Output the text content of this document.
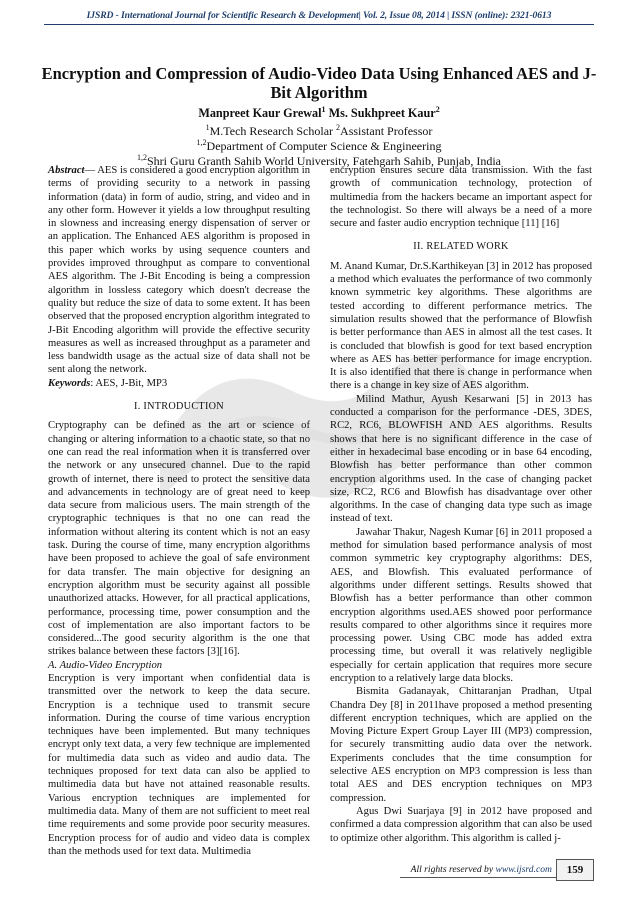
IJSRD - International Journal for Scientific Research & Development| Vol. 2, Issue 08, 2014 | ISSN (online): 2321-0613
Encryption and Compression of Audio-Video Data Using Enhanced AES and J-Bit Algorithm
Manpreet Kaur Grewal$^1$ Ms. Sukhpreet Kaur$^2$
$^1$M.Tech Research Scholar $^2$Assistant Professor
$^{1,2}$Department of Computer Science & Engineering
$^{1,2}$Shri Guru Granth Sahib World University, Fatehgarh Sahib, Punjab, India

Abstract— AES is considered a good encryption algorithm in terms of providing security to a network in passing information (data) in form of audio, string, and video and in any other form. However it yields a low throughput resulting in slowness and increasing energy dispensation of server or an application. The Enhanced AES algorithm is proposed in this paper which works by using sequence counters and provides improved throughput as compare to conventional AES algorithm. The J-Bit Encoding is being a compression algorithm in lossless category which doesn't decrease the quality but reduce the size of data to some extent. It has been observed that the proposed encryption algorithm integrated to J-Bit Encoding algorithm will provide the effective security measures as well as increased throughput as a parameter and less bandwidth usage as the actual size of data shall not be sent along the network.

Keywords: AES, J-Bit, MP3

I. INTRODUCTION

Cryptography can be defined as the art or science of changing or altering information to a chaotic state, so that no one can read the real information when it is transferred over the network or any unsecured channel. Due to the rapid growth of internet, there is need to protect the sensitive data and advancements in technology are of great need to keep data secure from malicious users. The main strength of the cryptographic techniques is that no one can read the information without altering its content which is not an easy task. During the course of time, many encryption algorithms have been proposed to achieve the goal of safe environment for data transfer. The main objective for designing an encryption algorithm must be security against all possible unauthorized attacks. However, for all practical applications, performance, processing time, power consumption and the cost of implementation are also important factors to be considered...The good security algorithm is the one that strikes balance between these factors [3][16].

A. Audio-Video Encryption

Encryption is very important when confidential data is transmitted over the network to keep the data secure. Encryption is a technique used to transmit secure information. During the course of time various encryption techniques have been implemented. But many techniques encrypt only text data, a very few technique are implemented for multimedia data such as video and audio data. The techniques proposed for text data can also be applied to multimedia data but have not attained reasonable results. Various encryption techniques are implemented for multimedia data. Many of them are not sufficient to meet real time requirements and some provide poor security measures. Encryption process for of audio and video data is complex than the methods used for text data. Multimedia

encryption ensures secure data transmission. With the fast growth of communication technology, protection of multimedia from the hackers became an important aspect for the technologist. So there will always be a need of a more secure and faster audio encryption technique [11] [16]

II. RELATED WORK

M. Anand Kumar, Dr.S.Karthikeyan [3] in 2012 has proposed a method which evaluates the performance of two commonly known symmetric key algorithms. These algorithms are tested according to different performance metrics. The simulation results showed that the performance of Blowfish is better performance than AES in almost all the test cases. It is concluded that blowfish is good for text based encryption where as AES has better performance for image encryption. It is also identified that there is change in performance when there is a change in key size of AES algorithm.

Milind Mathur, Ayush Kesarwani [5] in 2013 has conducted a comparison for the performance -DES, 3DES, RC2, RC6, BLOWFISH AND AES algorithms. Results shows that here is no significant difference in the case of either in hexadecimal base encoding or in base 64 encoding, Blowfish has better performance than other common encryption algorithms used. In the case of changing packet size, RC2, RC6 and Blowfish has disadvantage over other algorithms. In the case of changing data type such as image instead of text.

Jawahar Thakur, Nagesh Kumar [6] in 2011 proposed a method for simulation based performance analysis of most common symmetric key cryptography algorithms: DES, AES, and Blowfish. This evaluated performance of algorithms under different settings. Results showed that Blowfish has a better performance than other common encryption algorithms used.AES showed poor performance results compared to other algorithms since it requires more processing power. Using CBC mode has added extra processing time, but overall it was relatively negligible especially for certain application that requires more secure encryption to a relatively large data blocks.

Bismita Gadanayak, Chittaranjan Pradhan, Utpal Chandra Dey [8] in 2011have proposed a method presenting different encryption techniques, which are applied on the Moving Picture Expert Group Layer III (MP3) compression, for securely transmitting audio data over the network. Experiments concludes that the time consumption for selective AES encryption on MP3 compression is less than total AES and DES encryption techniques on MP3 compression.

Agus Dwi Suarjaya [9] in 2012 have proposed and confirmed a data compression algorithm that can also be used to optimize other algorithm. This algorithm is called j-

All rights reserved by www.ijsrd.com	159
